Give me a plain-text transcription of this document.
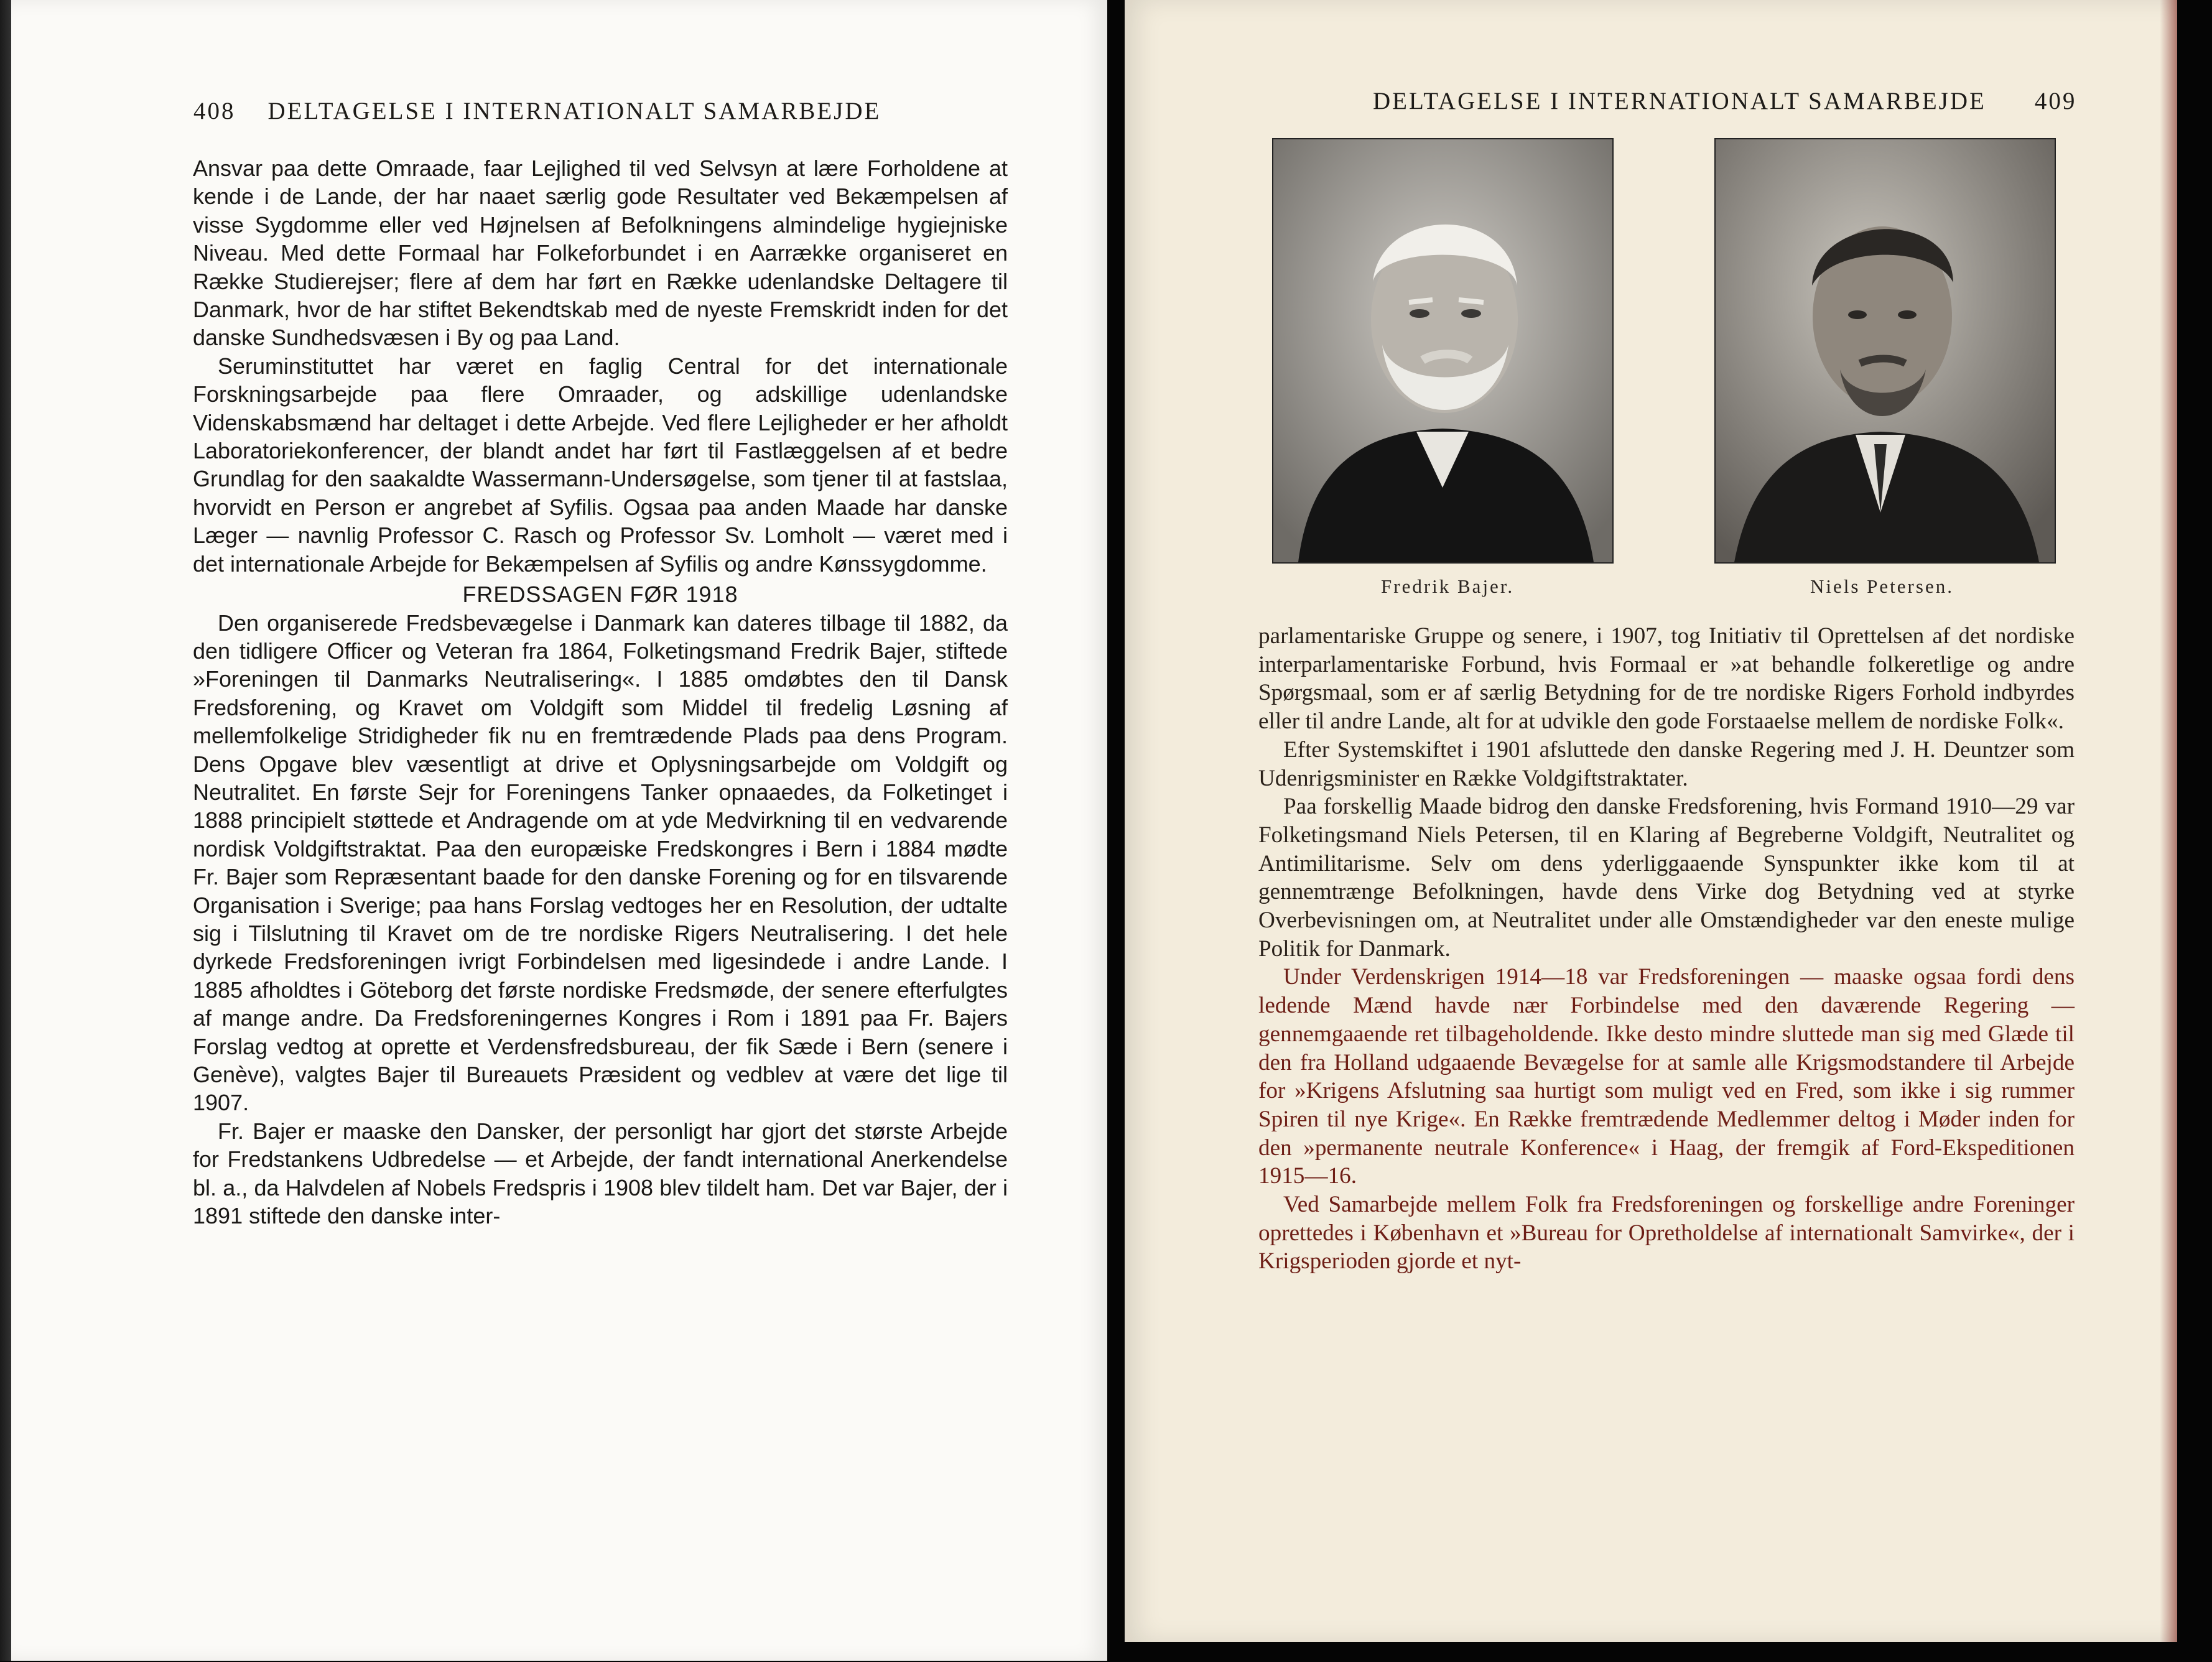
408 DELTAGELSE I INTERNATIONALT SAMARBEJDE

Ansvar paa dette Omraade, faar Lejlighed til ved Selvsyn at lære Forholdene at kende i de Lande, der har naaet særlig gode Resultater ved Bekæmpelsen af visse Sygdomme eller ved Højnelsen af Befolkningens almindelige hygiejniske Niveau. Med dette Formaal har Folkeforbundet i en Aarrække organiseret en Række Studierejser; flere af dem har ført en Række udenlandske Deltagere til Danmark, hvor de har stiftet Bekendtskab med de nyeste Fremskridt inden for det danske Sundhedsvæsen i By og paa Land.

Seruminstituttet har været en faglig Central for det internationale Forskningsarbejde paa flere Omraader, og adskillige udenlandske Videnskabsmænd har deltaget i dette Arbejde. Ved flere Lejligheder er her afholdt Laboratoriekonferencer, der blandt andet har ført til Fastlæggelsen af et bedre Grundlag for den saakaldte Wassermann-Undersøgelse, som tjener til at fastslaa, hvorvidt en Person er angrebet af Syfilis. Ogsaa paa anden Maade har danske Læger — navnlig Professor C. Rasch og Professor Sv. Lomholt — været med i det internationale Arbejde for Bekæmpelsen af Syfilis og andre Kønssygdomme.

FREDSSAGEN FØR 1918

Den organiserede Fredsbevægelse i Danmark kan dateres tilbage til 1882, da den tidligere Officer og Veteran fra 1864, Folketingsmand Fredrik Bajer, stiftede »Foreningen til Danmarks Neutralisering«. I 1885 omdøbtes den til Dansk Fredsforening, og Kravet om Voldgift som Middel til fredelig Løsning af mellemfolkelige Stridigheder fik nu en fremtrædende Plads paa dens Program. Dens Opgave blev væsentligt at drive et Oplysningsarbejde om Voldgift og Neutralitet. En første Sejr for Foreningens Tanker opnaaedes, da Folketinget i 1888 principielt støttede et Andragende om at yde Medvirkning til en vedvarende nordisk Voldgiftstraktat. Paa den europæiske Fredskongres i Bern i 1884 mødte Fr. Bajer som Repræsentant baade for den danske Forening og for en tilsvarende Organisation i Sverige; paa hans Forslag vedtoges her en Resolution, der udtalte sig i Tilslutning til Kravet om de tre nordiske Rigers Neutralisering. I det hele dyrkede Fredsforeningen ivrigt Forbindelsen med ligesindede i andre Lande. I 1885 afholdtes i Göteborg det første nordiske Fredsmøde, der senere efterfulgtes af mange andre. Da Fredsforeningernes Kongres i Rom i 1891 paa Fr. Bajers Forslag vedtog at oprette et Verdensfredsbureau, der fik Sæde i Bern (senere i Genève), valgtes Bajer til Bureauets Præsident og vedblev at være det lige til 1907.

Fr. Bajer er maaske den Dansker, der personligt har gjort det største Arbejde for Fredstankens Udbredelse — et Arbejde, der fandt international Anerkendelse bl. a., da Halvdelen af Nobels Fredspris i 1908 blev tildelt ham. Det var Bajer, der i 1891 stiftede den danske inter-

DELTAGELSE I INTERNATIONALT SAMARBEJDE 409
Fredrik Bajer.	Niels Petersen.

parlamentariske Gruppe og senere, i 1907, tog Initiativ til Oprettelsen af det nordiske interparlamentariske Forbund, hvis Formaal er »at behandle folkeretlige og andre Spørgsmaal, som er af særlig Betydning for de tre nordiske Rigers Forhold indbyrdes eller til andre Lande, alt for at udvikle den gode Forstaaelse mellem de nordiske Folk«.

Efter Systemskiftet i 1901 afsluttede den danske Regering med J. H. Deuntzer som Udenrigsminister en Række Voldgiftstraktater.

Paa forskellig Maade bidrog den danske Fredsforening, hvis Formand 1910—29 var Folketingsmand Niels Petersen, til en Klaring af Begreberne Voldgift, Neutralitet og Antimilitarisme. Selv om dens yderliggaaende Synspunkter ikke kom til at gennemtrænge Befolkningen, havde dens Virke dog Betydning ved at styrke Overbevisningen om, at Neutralitet under alle Omstændigheder var den eneste mulige Politik for Danmark.

Under Verdenskrigen 1914—18 var Fredsforeningen — maaske ogsaa fordi dens ledende Mænd havde nær Forbindelse med den daværende Regering — gennemgaaende ret tilbageholdende. Ikke desto mindre sluttede man sig med Glæde til den fra Holland udgaaende Bevægelse for at samle alle Krigsmodstandere til Arbejde for »Krigens Afslutning saa hurtigt som muligt ved en Fred, som ikke i sig rummer Spiren til nye Krige«. En Række fremtrædende Medlemmer deltog i Møder inden for den »permanente neutrale Konference« i Haag, der fremgik af Ford-Ekspeditionen 1915—16.

Ved Samarbejde mellem Folk fra Fredsforeningen og forskellige andre Foreninger oprettedes i København et »Bureau for Opretholdelse af internationalt Samvirke«, der i Krigsperioden gjorde et nyt-
